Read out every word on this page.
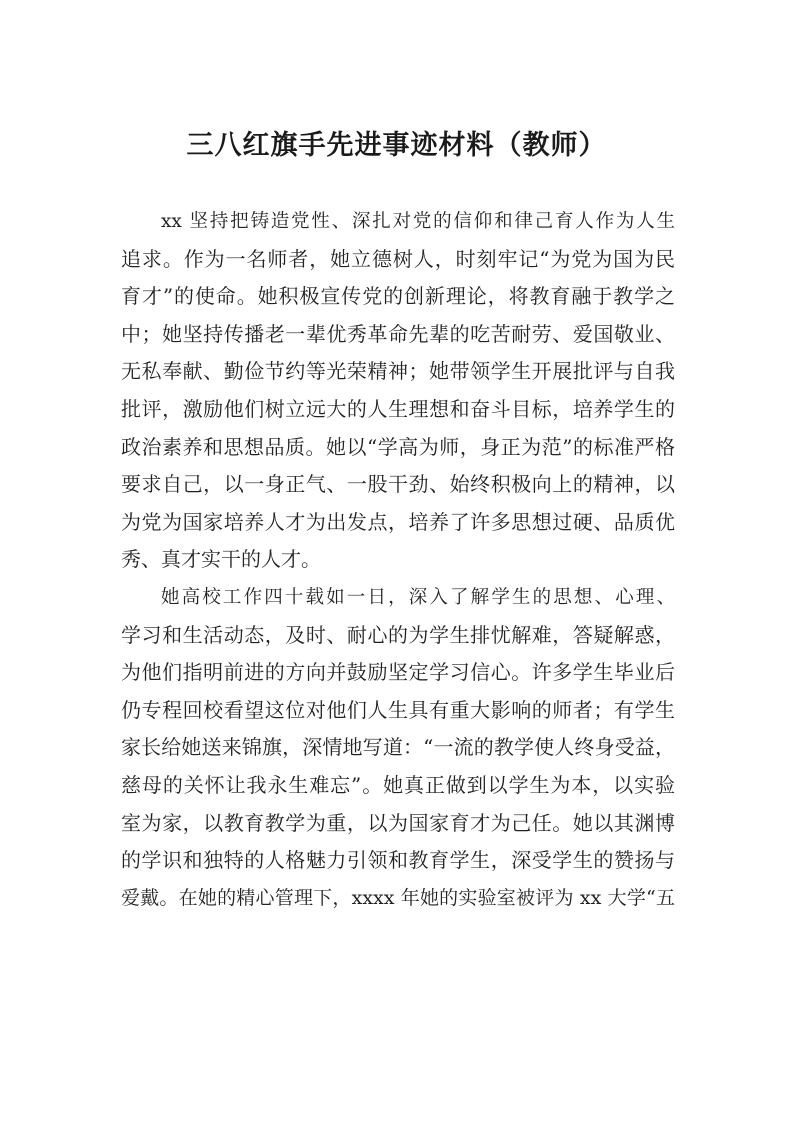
三八红旗手先进事迹材料（教师）
xx 坚持把铸造党性、深扎对党的信仰和律己育人作为人生
追求。作为一名师者，她立德树人，时刻牢记“为党为国为民
育才”的使命。她积极宣传党的创新理论，将教育融于教学之
中；她坚持传播老一辈优秀革命先辈的吃苦耐劳、爱国敬业、
无私奉献、勤俭节约等光荣精神；她带领学生开展批评与自我
批评，激励他们树立远大的人生理想和奋斗目标，培养学生的
政治素养和思想品质。她以“学高为师，身正为范”的标准严格
要求自己，以一身正气、一股干劲、始终积极向上的精神，以
为党为国家培养人才为出发点，培养了许多思想过硬、品质优
秀、真才实干的人才。
她高校工作四十载如一日，深入了解学生的思想、心理、
学习和生活动态，及时、耐心的为学生排忧解难，答疑解惑，
为他们指明前进的方向并鼓励坚定学习信心。许多学生毕业后
仍专程回校看望这位对他们人生具有重大影响的师者；有学生
家长给她送来锦旗，深情地写道：“一流的教学使人终身受益，
慈母的关怀让我永生难忘”。她真正做到以学生为本，以实验
室为家，以教育教学为重，以为国家育才为己任。她以其渊博
的学识和独特的人格魅力引领和教育学生，深受学生的赞扬与
爱戴。在她的精心管理下，xxxx 年她的实验室被评为 xx 大学“五
